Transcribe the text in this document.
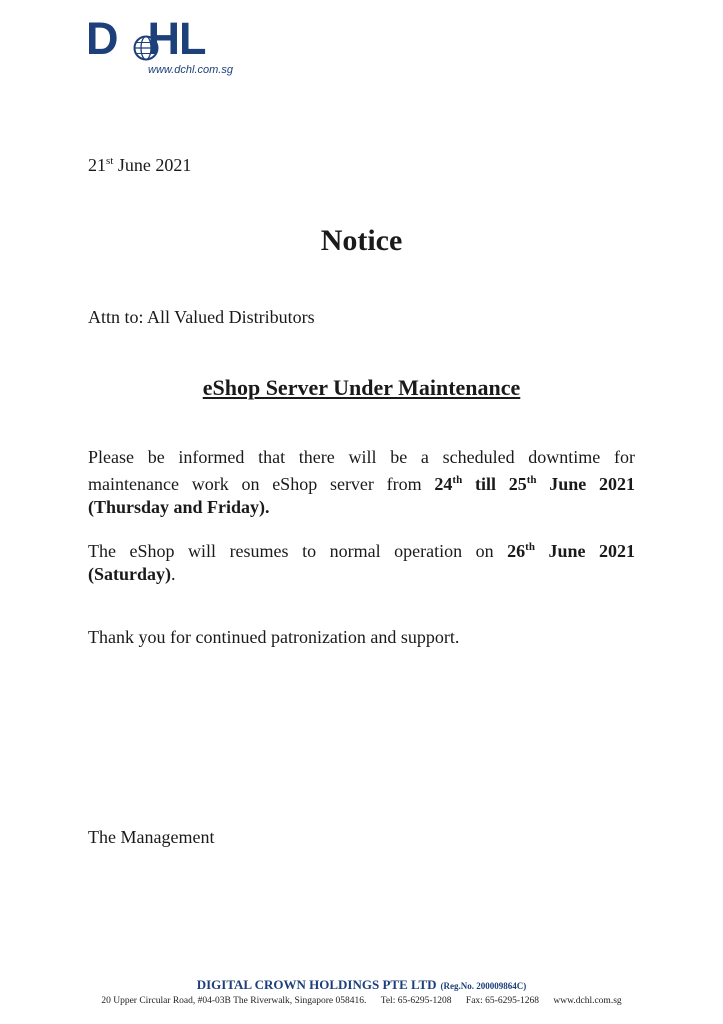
D HL
www.dchl.com.sg
21st June 2021
Notice
Attn to: All Valued Distributors
eShop Server Under Maintenance
Please be informed that there will be a scheduled downtime for maintenance work on eShop server from 24th till 25th June 2021 (Thursday and Friday).
The eShop will resumes to normal operation on 26th June 2021 (Saturday).
Thank you for continued patronization and support.
The Management
DIGITAL CROWN HOLDINGS PTE LTD (Reg.No. 200009864C)
20 Upper Circular Road, #04-03B The Riverwalk, Singapore 058416. Tel: 65-6295-1208 Fax: 65-6295-1268 www.dchl.com.sg
